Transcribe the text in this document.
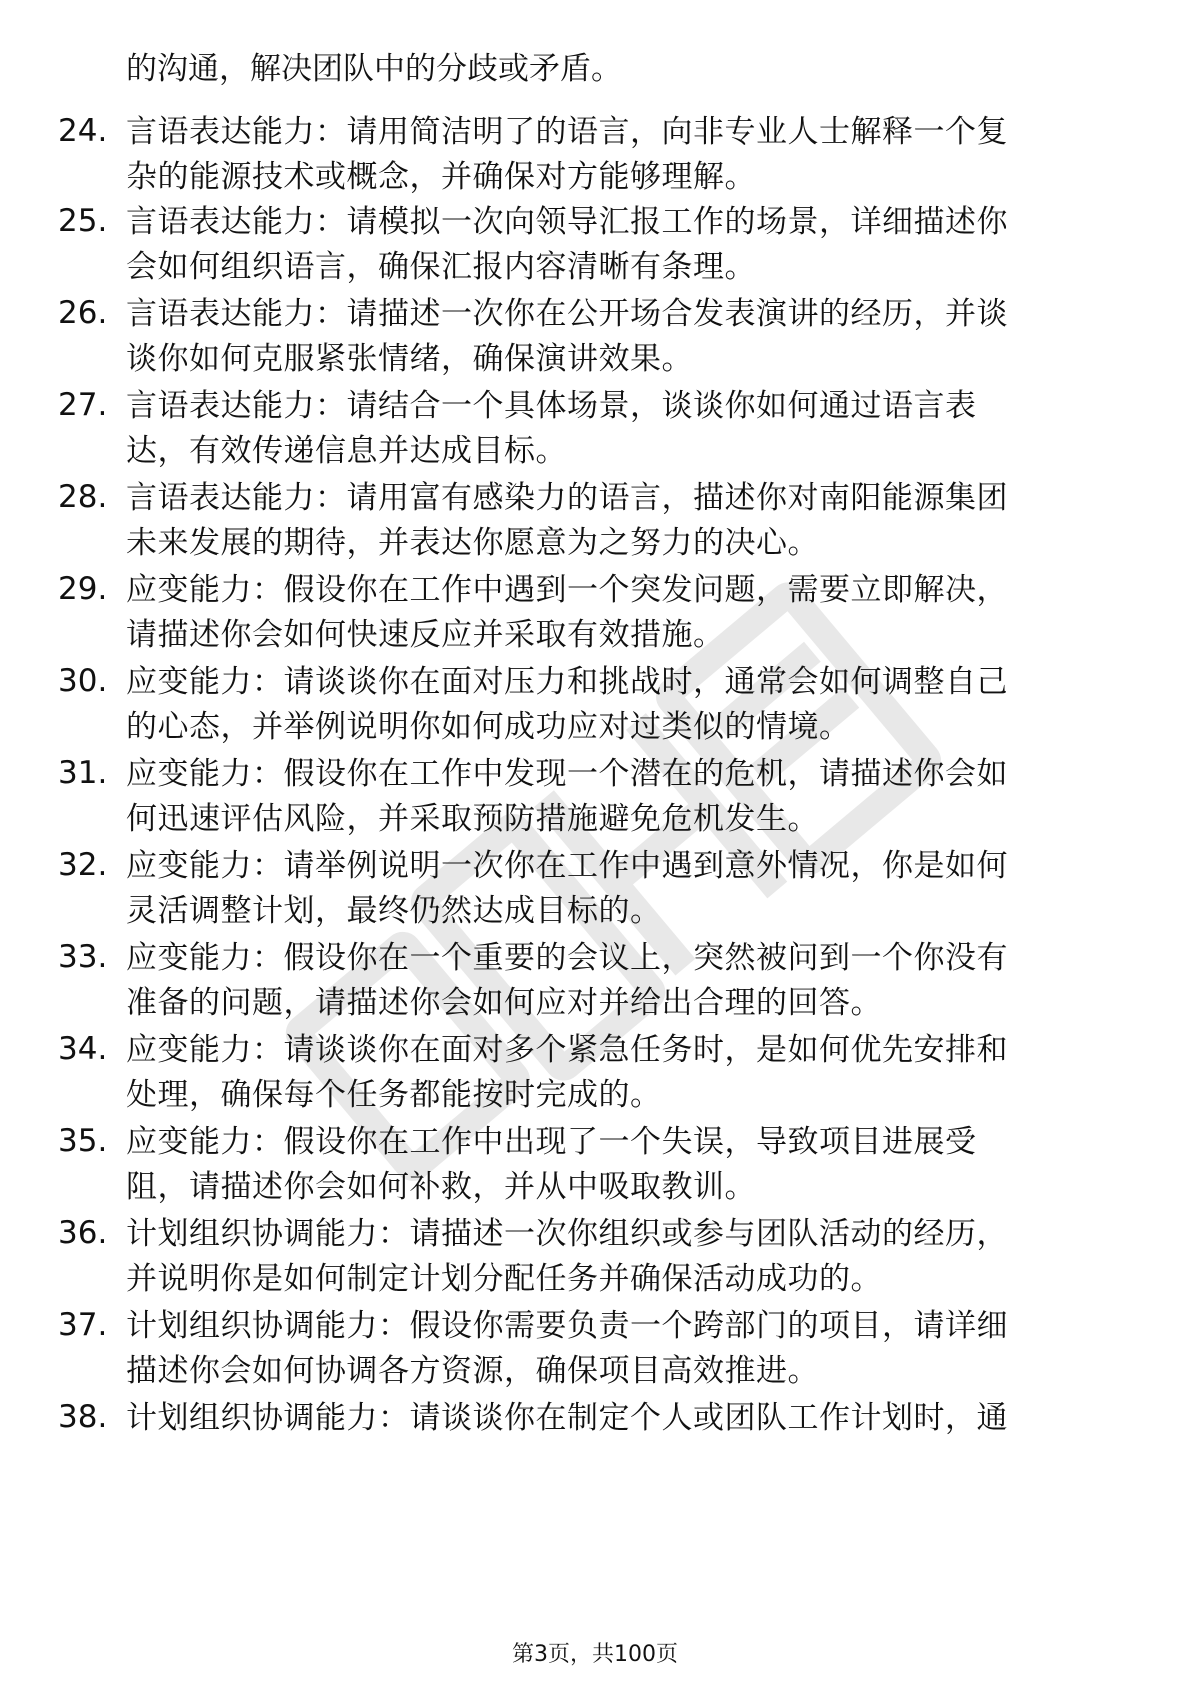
的沟通，解决团队中的分歧或矛盾。
24. 言语表达能力：请用简洁明了的语言，向非专业人士解释一个复
杂的能源技术或概念，并确保对方能够理解。
25. 言语表达能力：请模拟一次向领导汇报工作的场景，详细描述你
会如何组织语言，确保汇报内容清晰有条理。
26. 言语表达能力：请描述一次你在公开场合发表演讲的经历，并谈
谈你如何克服紧张情绪，确保演讲效果。
27. 言语表达能力：请结合一个具体场景，谈谈你如何通过语言表
达，有效传递信息并达成目标。
28. 言语表达能力：请用富有感染力的语言，描述你对南阳能源集团
未来发展的期待，并表达你愿意为之努力的决心。
29. 应变能力：假设你在工作中遇到一个突发问题，需要立即解决，
请描述你会如何快速反应并采取有效措施。
30. 应变能力：请谈谈你在面对压力和挑战时，通常会如何调整自己
的心态，并举例说明你如何成功应对过类似的情境。
31. 应变能力：假设你在工作中发现一个潜在的危机，请描述你会如
何迅速评估风险，并采取预防措施避免危机发生。
32. 应变能力：请举例说明一次你在工作中遇到意外情况，你是如何
灵活调整计划，最终仍然达成目标的。
33. 应变能力：假设你在一个重要的会议上，突然被问到一个你没有
准备的问题，请描述你会如何应对并给出合理的回答。
34. 应变能力：请谈谈你在面对多个紧急任务时，是如何优先安排和
处理，确保每个任务都能按时完成的。
35. 应变能力：假设你在工作中出现了一个失误，导致项目进展受
阻，请描述你会如何补救，并从中吸取教训。
36. 计划组织协调能力：请描述一次你组织或参与团队活动的经历，
并说明你是如何制定计划分配任务并确保活动成功的。
37. 计划组织协调能力：假设你需要负责一个跨部门的项目，请详细
描述你会如何协调各方资源，确保项目高效推进。
38. 计划组织协调能力：请谈谈你在制定个人或团队工作计划时，通
第3页，共100页
